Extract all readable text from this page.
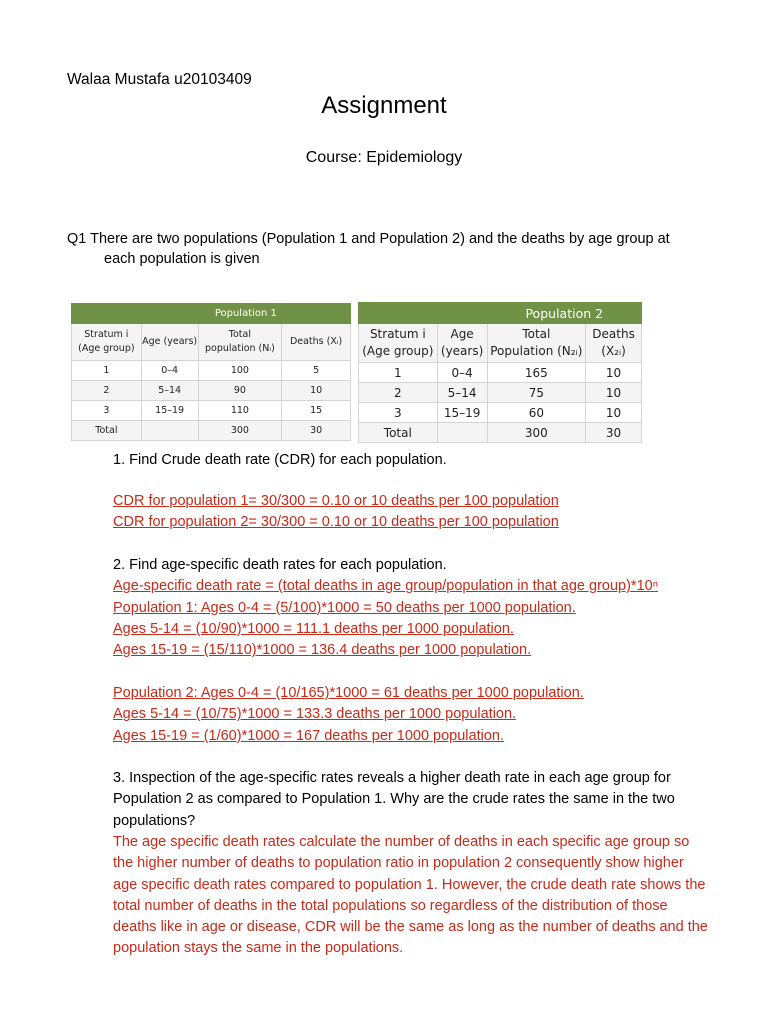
Walaa Mustafa u20103409
Assignment
Course: Epidemiology
Q1 There are two populations (Population 1 and Population 2) and the deaths by age group at
each population is given
	Population 1		
Stratum i
(Age group)	Age (years)	Total
population (Nᵢ)	Deaths (Xᵢ)
1	0–4	100	5
2	5–14	90	10
3	15–19	110	15
Total		300	30
		Population 2	
Stratum i
(Age group)	Age
(years)	Total
Population (N₂ᵢ)	Deaths
(X₂ᵢ)
1	0–4	165	10
2	5–14	75	10
3	15–19	60	10
Total		300	30
1. Find Crude death rate (CDR) for each population.
CDR for population 1= 30/300 = 0.10 or 10 deaths per 100 population
CDR for population 2= 30/300 = 0.10 or 10 deaths per 100 population
2. Find age-specific death rates for each population.
Age-specific death rate = (total deaths in age group/population in that age group)*10ⁿ
Population 1: Ages 0-4 = (5/100)*1000 = 50 deaths per 1000 population.
Ages 5-14 = (10/90)*1000 = 111.1 deaths per 1000 population.
Ages 15-19 = (15/110)*1000 = 136.4 deaths per 1000 population.
Population 2: Ages 0-4 = (10/165)*1000 = 61 deaths per 1000 population.
Ages 5-14 = (10/75)*1000 = 133.3 deaths per 1000 population.
Ages 15-19 = (1/60)*1000 = 167 deaths per 1000 population.
3. Inspection of the age-specific rates reveals a higher death rate in each age group for Population 2 as compared to Population 1. Why are the crude rates the same in the two populations?
The age specific death rates calculate the number of deaths in each specific age group so the higher number of deaths to population ratio in population 2 consequently show higher age specific death rates compared to population 1. However, the crude death rate shows the total number of deaths in the total populations so regardless of the distribution of those deaths like in age or disease, CDR will be the same as long as the number of deaths and the population stays the same in the populations.
